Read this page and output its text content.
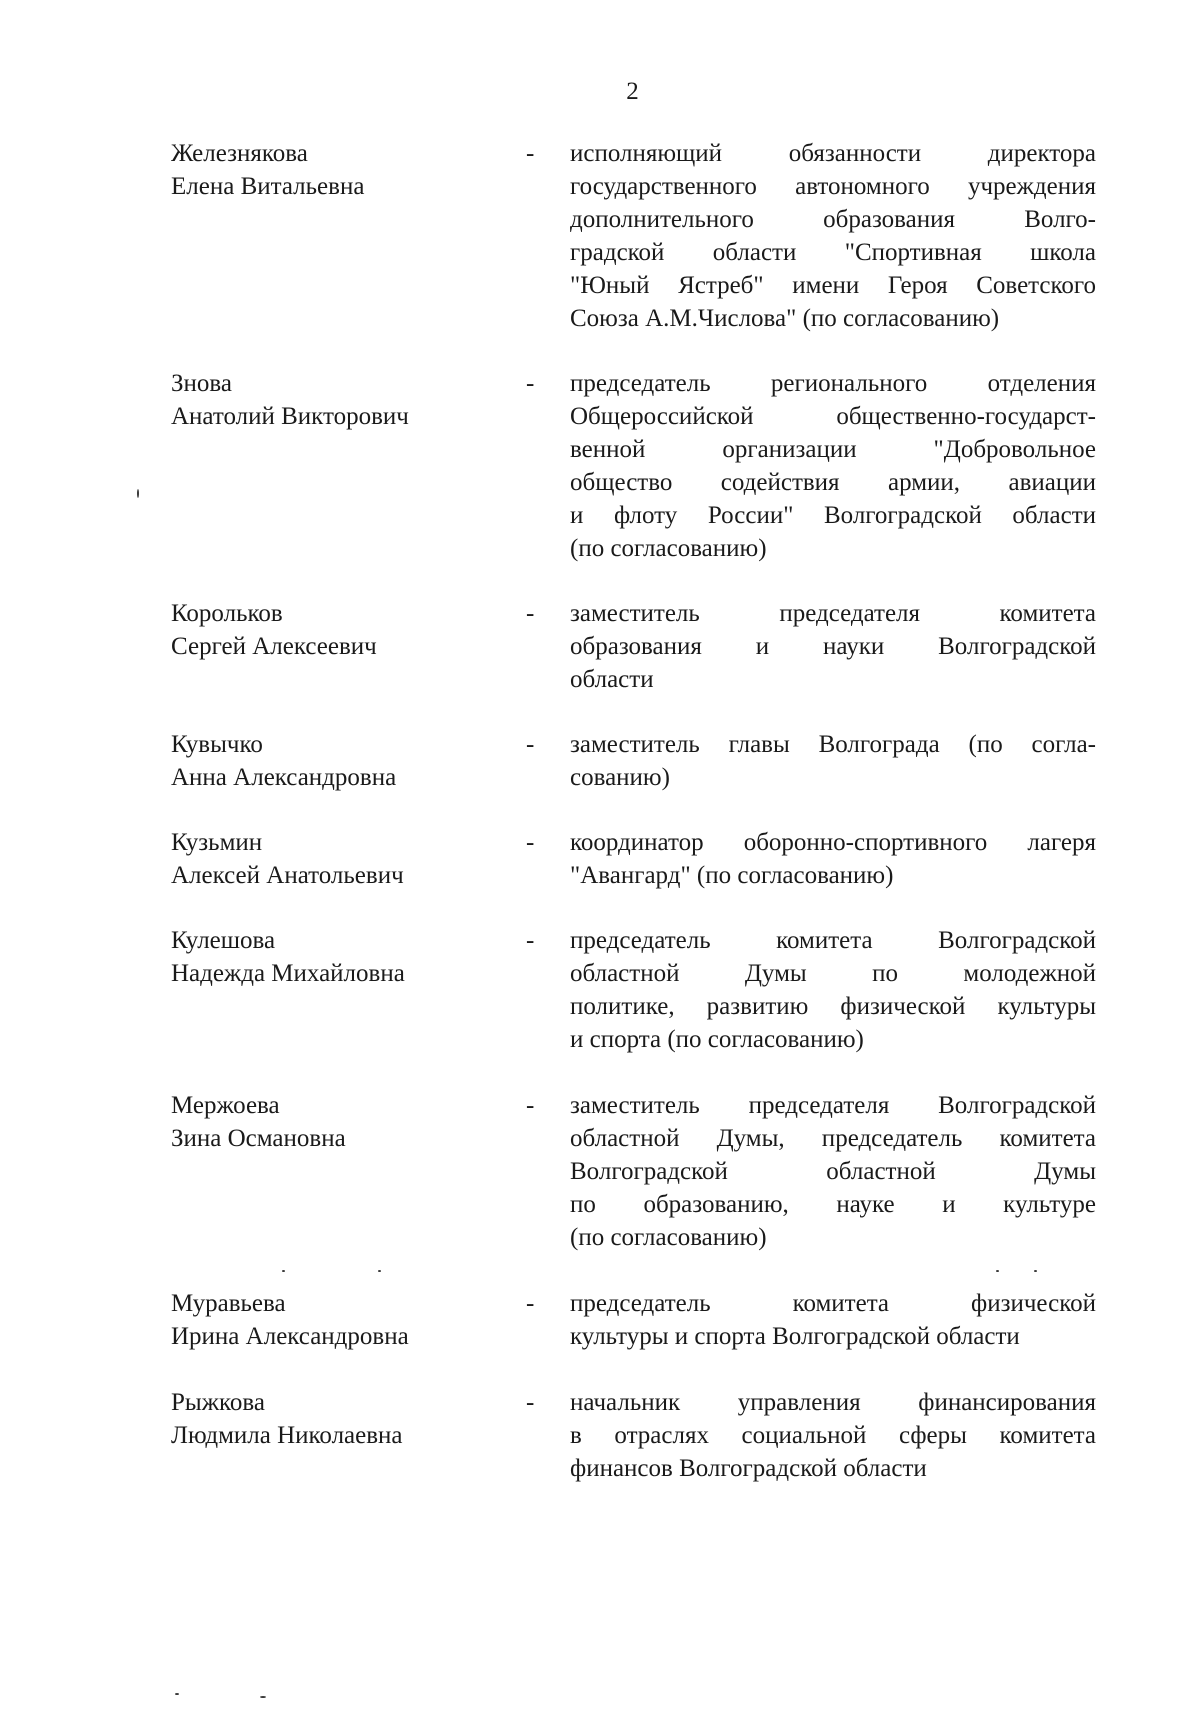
2
Железнякова
Елена Витальевна
- исполняющий обязанности директора
государственного автономного учреждения
дополнительного образования Волго-
градской области "Спортивная школа
"Юный Ястреб" имени Героя Советского
Союза А.М.Числова" (по согласованию)
Знова
Анатолий Викторович
- председатель регионального отделения
Общероссийской общественно-государст-
венной организации "Добровольное
общество содействия армии, авиации
и флоту России" Волгоградской области
(по согласованию)
Корольков
Сергей Алексеевич
- заместитель председателя комитета
образования и науки Волгоградской
области
Кувычко
Анна Александровна
- заместитель главы Волгограда (по согла-
сованию)
Кузьмин
Алексей Анатольевич
- координатор оборонно-спортивного лагеря
"Авангард" (по согласованию)
Кулешова
Надежда Михайловна
- председатель комитета Волгоградской
областной Думы по молодежной
политике, развитию физической культуры
и спорта (по согласованию)
Мержоева
Зина Османовна
- заместитель председателя Волгоградской
областной Думы, председатель комитета
Волгоградской областной Думы
по образованию, науке и культуре
(по согласованию)
Муравьева
Ирина Александровна
- председатель комитета физической
культуры и спорта Волгоградской области
Рыжкова
Людмила Николаевна
- начальник управления финансирования
в отраслях социальной сферы комитета
финансов Волгоградской области
